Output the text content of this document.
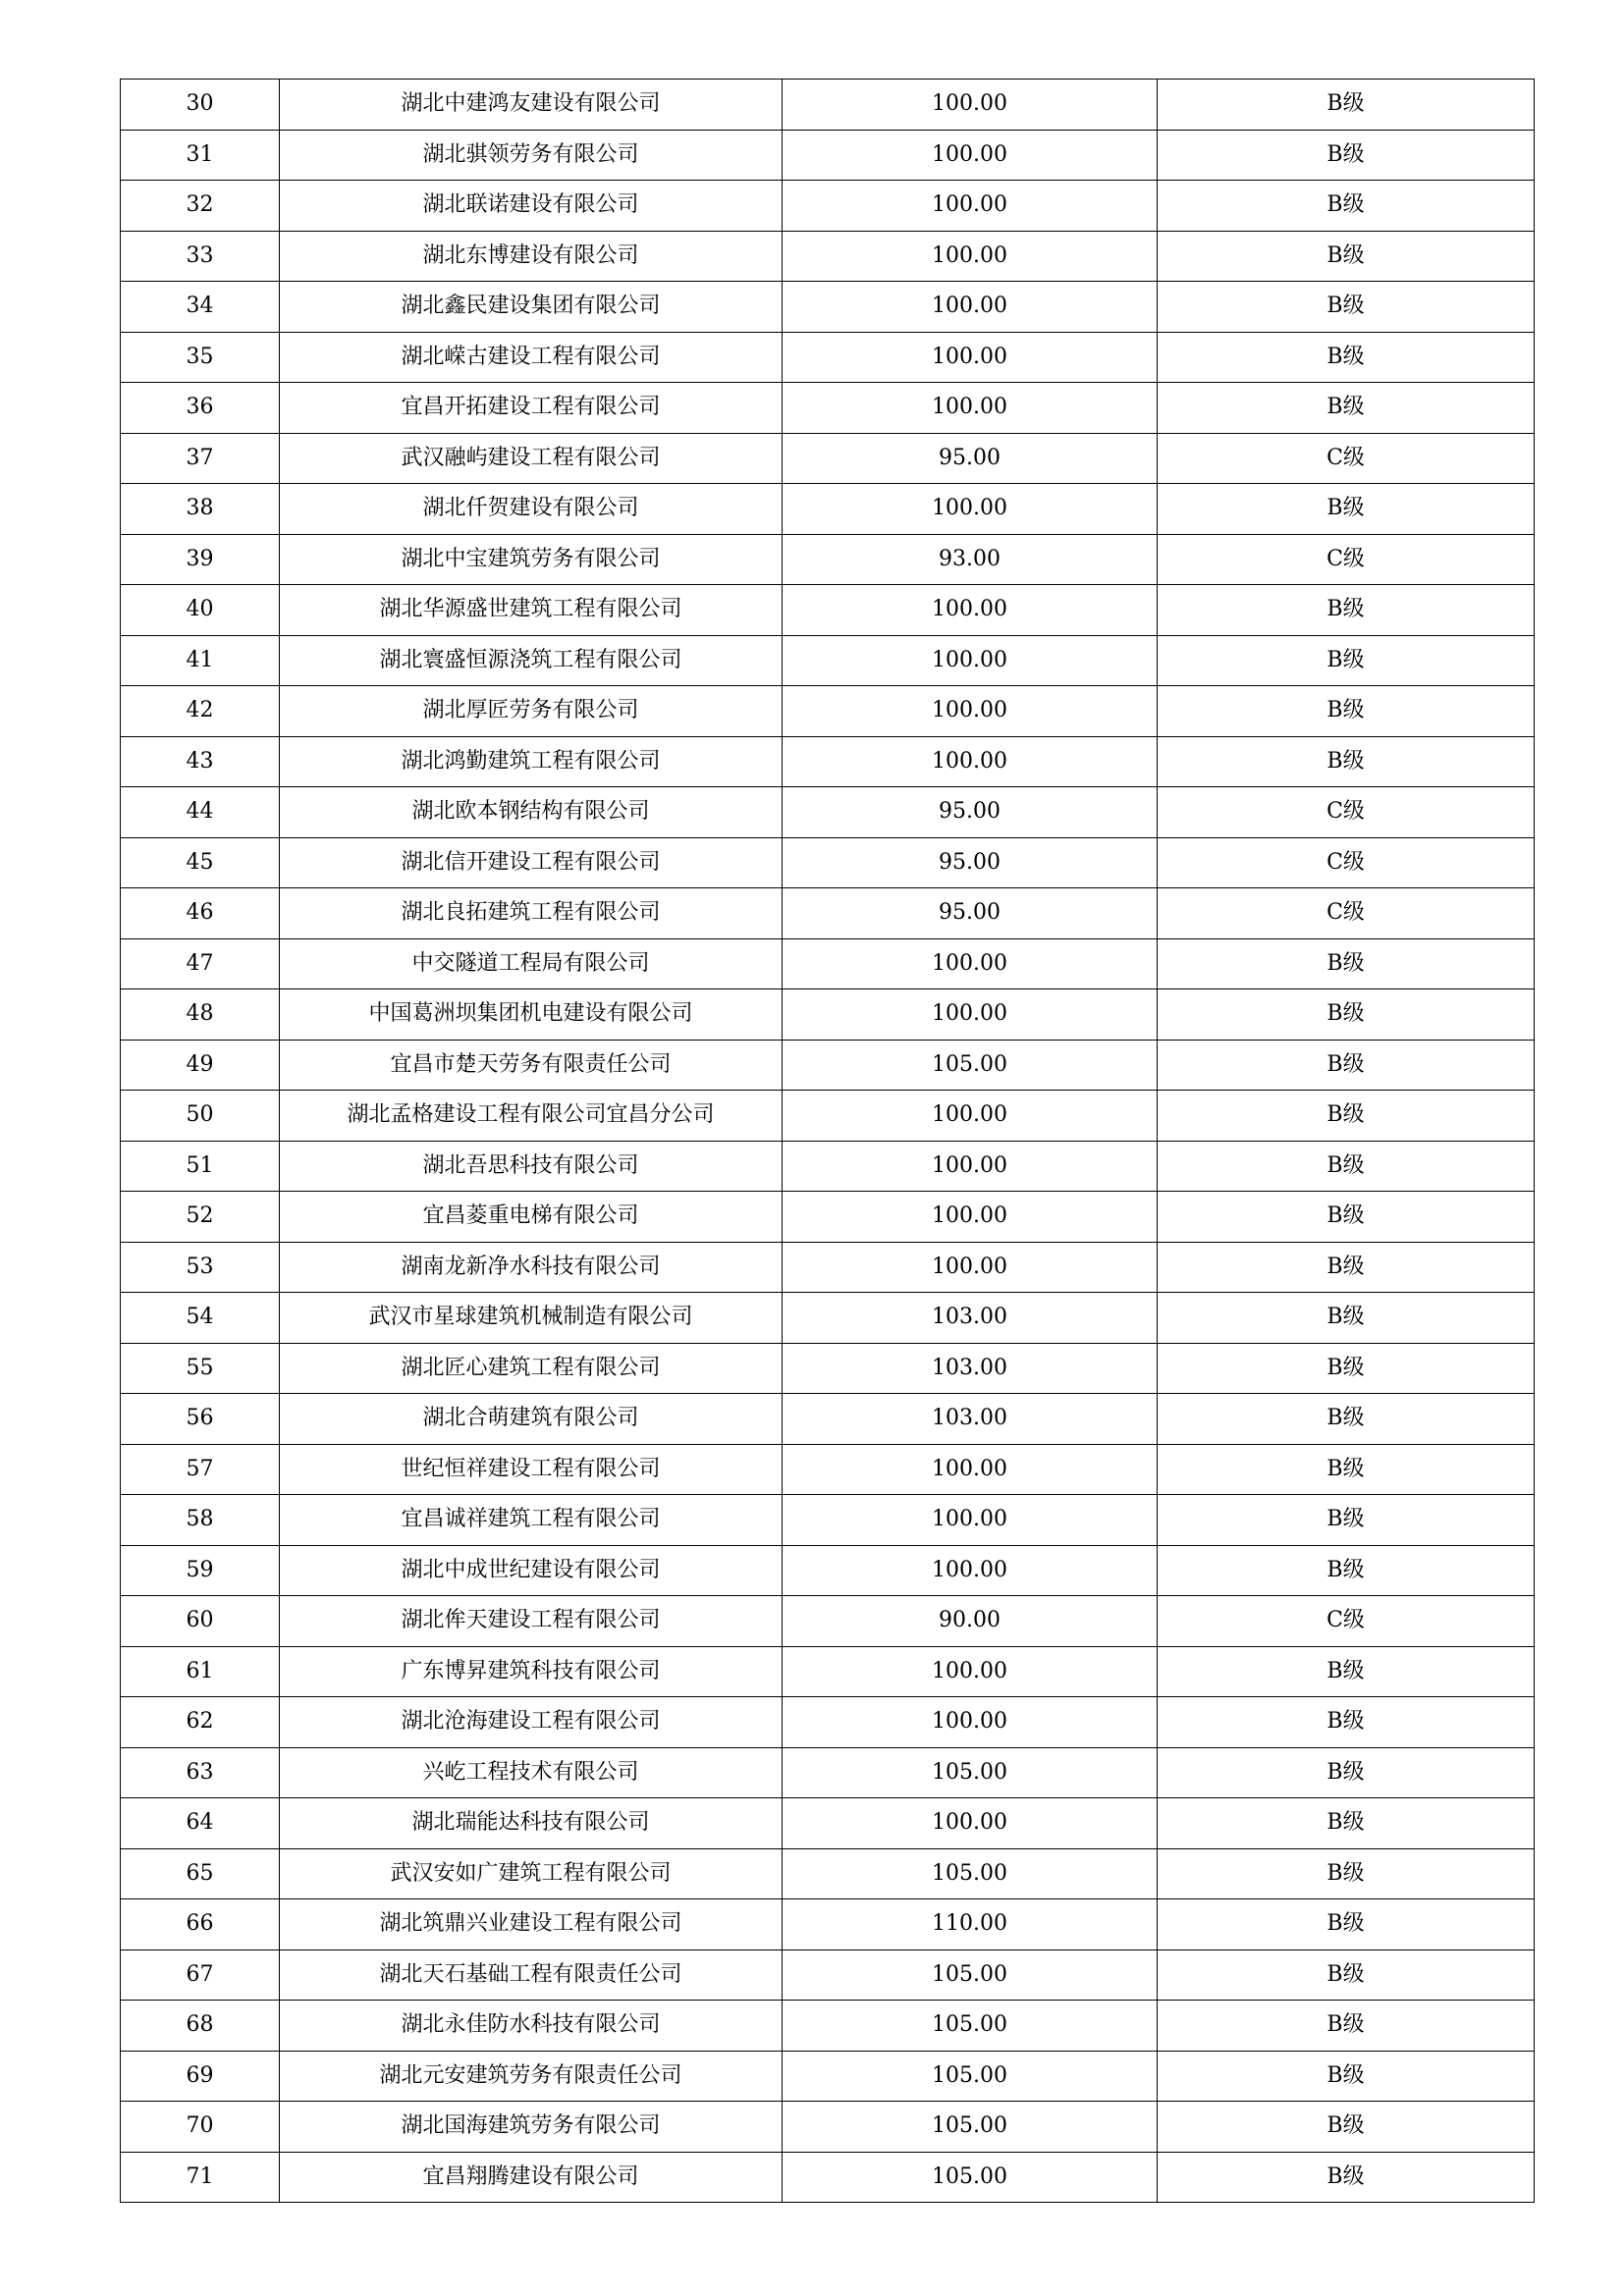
30	湖北中建鸿友建设有限公司	100.00	B级
31	湖北骐领劳务有限公司	100.00	B级
32	湖北联诺建设有限公司	100.00	B级
33	湖北东博建设有限公司	100.00	B级
34	湖北鑫民建设集团有限公司	100.00	B级
35	湖北嵘古建设工程有限公司	100.00	B级
36	宜昌开拓建设工程有限公司	100.00	B级
37	武汉融屿建设工程有限公司	95.00	C级
38	湖北仟贺建设有限公司	100.00	B级
39	湖北中宝建筑劳务有限公司	93.00	C级
40	湖北华源盛世建筑工程有限公司	100.00	B级
41	湖北寰盛恒源浇筑工程有限公司	100.00	B级
42	湖北厚匠劳务有限公司	100.00	B级
43	湖北鸿勤建筑工程有限公司	100.00	B级
44	湖北欧本钢结构有限公司	95.00	C级
45	湖北信开建设工程有限公司	95.00	C级
46	湖北良拓建筑工程有限公司	95.00	C级
47	中交隧道工程局有限公司	100.00	B级
48	中国葛洲坝集团机电建设有限公司	100.00	B级
49	宜昌市楚天劳务有限责任公司	105.00	B级
50	湖北孟格建设工程有限公司宜昌分公司	100.00	B级
51	湖北吾思科技有限公司	100.00	B级
52	宜昌菱重电梯有限公司	100.00	B级
53	湖南龙新净水科技有限公司	100.00	B级
54	武汉市星球建筑机械制造有限公司	103.00	B级
55	湖北匠心建筑工程有限公司	103.00	B级
56	湖北合萌建筑有限公司	103.00	B级
57	世纪恒祥建设工程有限公司	100.00	B级
58	宜昌诚祥建筑工程有限公司	100.00	B级
59	湖北中成世纪建设有限公司	100.00	B级
60	湖北侔天建设工程有限公司	90.00	C级
61	广东博昇建筑科技有限公司	100.00	B级
62	湖北沧海建设工程有限公司	100.00	B级
63	兴屹工程技术有限公司	105.00	B级
64	湖北瑞能达科技有限公司	100.00	B级
65	武汉安如广建筑工程有限公司	105.00	B级
66	湖北筑鼎兴业建设工程有限公司	110.00	B级
67	湖北天石基础工程有限责任公司	105.00	B级
68	湖北永佳防水科技有限公司	105.00	B级
69	湖北元安建筑劳务有限责任公司	105.00	B级
70	湖北国海建筑劳务有限公司	105.00	B级
71	宜昌翔腾建设有限公司	105.00	B级
